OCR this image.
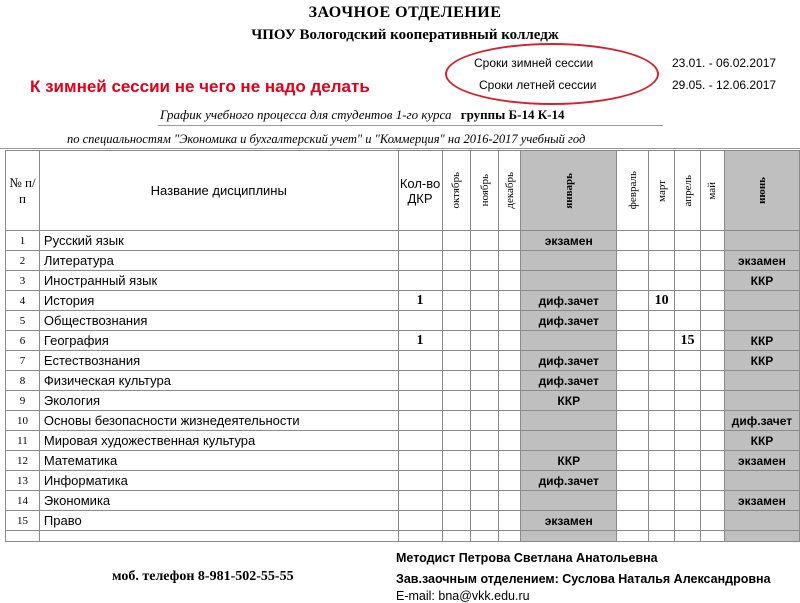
ЗАОЧНОЕ ОТДЕЛЕНИЕ
ЧПОУ Вологодский кооперативный колледж
Сроки зимней сессии	23.01. - 06.02.2017
Сроки летней сессии	29.05. - 12.06.2017
К зимней сессии не чего не надо делать
График учебного процесса для студентов 1-го курса группы Б-14 К-14
по специальностям "Экономика и бухгалтерский учет" и "Коммерция" на 2016-2017 учебный год
№ п/п	Название дисциплины	Кол-во ДКР	октябрь	ноябрь	декабрь	январь	февраль	март	апрель	май	июнь

1	Русский язык					экзамен					
2	Литература										экзамен
3	Иностранный язык										ККР
4	История	1				диф.зачет		10			
5	Обществознания					диф.зачет					
6	География	1							15		ККР
7	Естествознания					диф.зачет					ККР
8	Физическая культура					диф.зачет					
9	Экология					ККР					
10	Основы безопасности жизнедеятельности										диф.зачет
11	Мировая художественная культура										ККР
12	Математика					ККР					экзамен
13	Информатика					диф.зачет					
14	Экономика										экзамен
15	Право					экзамен					

Методист Петрова Светлана Анатольевна
моб. телефон 8-981-502-55-55	Зав.заочным отделением: Суслова Наталья Александровна
E-mail: bna@vkk.edu.ru
